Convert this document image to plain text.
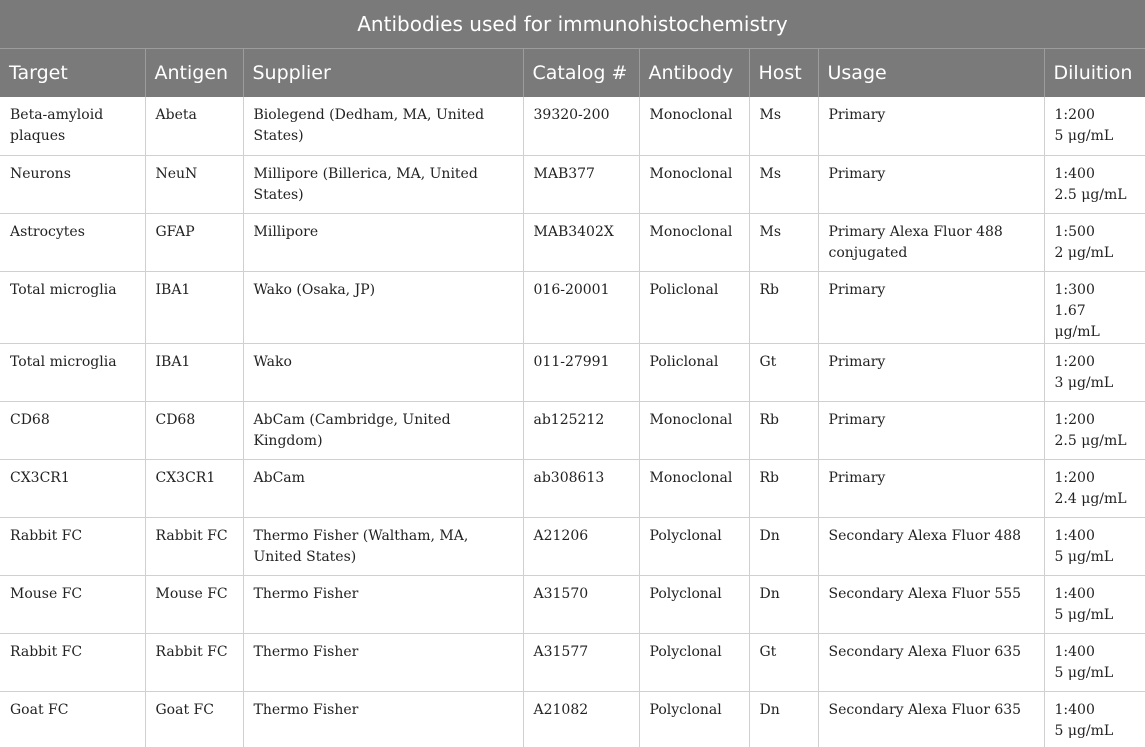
Antibodies used for immunohistochemistry							
Target	Antigen	Supplier	Catalog #	Antibody	Host	Usage	Diluition
Beta-amyloid plaques	Abeta	Biolegend (Dedham, MA, United States)	39320-200	Monoclonal	Ms	Primary	1:200
5 μg/mL

Neurons	NeuN	Millipore (Billerica, MA, United States)	MAB377	Monoclonal	Ms	Primary	1:400
2.5 μg/mL

Astrocytes	GFAP	Millipore	MAB3402X	Monoclonal	Ms	Primary Alexa Fluor 488 conjugated	1:500
2 μg/mL

Total microglia	IBA1	Wako (Osaka, JP)	016-20001	Policlonal	Rb	Primary	1:300
1.67 μg/mL

Total microglia	IBA1	Wako	011-27991	Policlonal	Gt	Primary	1:200
3 μg/mL

CD68	CD68	AbCam (Cambridge, United Kingdom)	ab125212	Monoclonal	Rb	Primary	1:200
2.5 μg/mL

CX3CR1	CX3CR1	AbCam	ab308613	Monoclonal	Rb	Primary	1:200
2.4 μg/mL

Rabbit FC	Rabbit FC	Thermo Fisher (Waltham, MA, United States)	A21206	Polyclonal	Dn	Secondary Alexa Fluor 488	1:400
5 μg/mL

Mouse FC	Mouse FC	Thermo Fisher	A31570	Polyclonal	Dn	Secondary Alexa Fluor 555	1:400
5 μg/mL

Rabbit FC	Rabbit FC	Thermo Fisher	A31577	Polyclonal	Gt	Secondary Alexa Fluor 635	1:400
5 μg/mL

Goat FC	Goat FC	Thermo Fisher	A21082	Polyclonal	Dn	Secondary Alexa Fluor 635	1:400
5 μg/mL
